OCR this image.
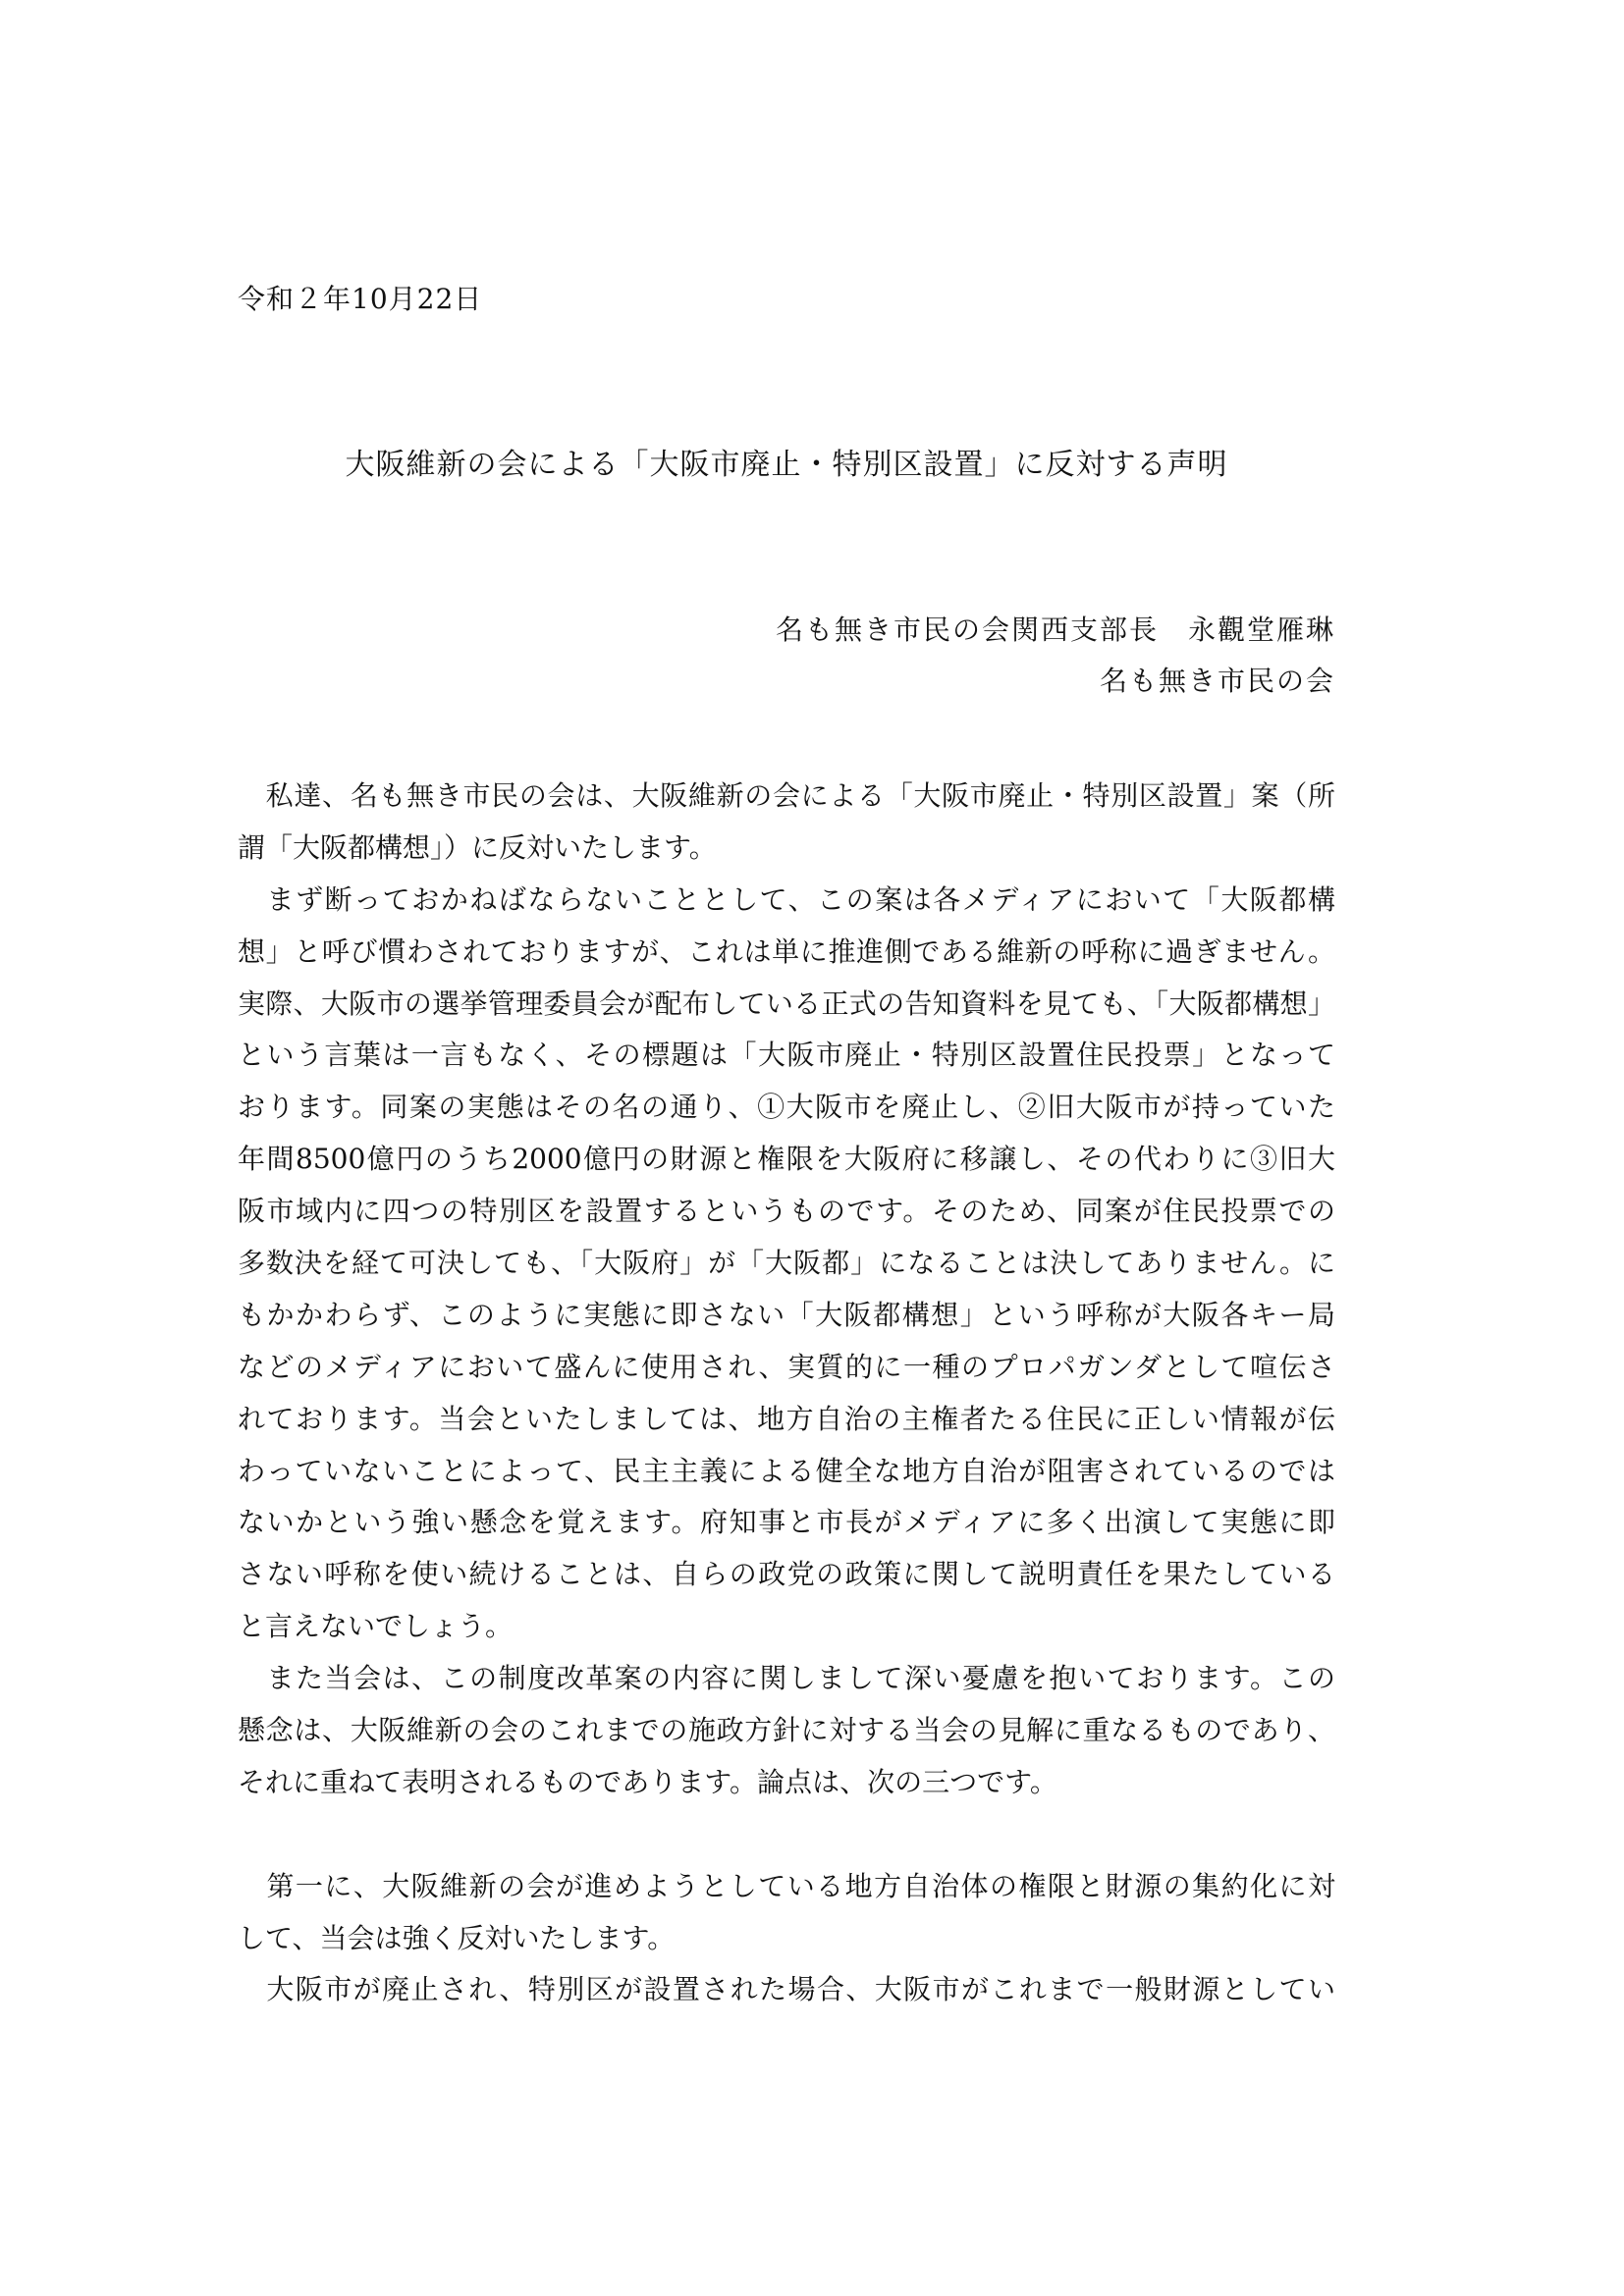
令和２年10月22日
大阪維新の会による「大阪市廃止・特別区設置」に反対する声明
名も無き市民の会関西支部長　永觀堂雁琳
名も無き市民の会
　私達、名も無き市民の会は、大阪維新の会による「大阪市廃止・特別区設置」案（所
謂「大阪都構想」）に反対いたします。
　まず断っておかねばならないこととして、この案は各メディアにおいて「大阪都構
想」と呼び慣わされておりますが、これは単に推進側である維新の呼称に過ぎません。
実際、大阪市の選挙管理委員会が配布している正式の告知資料を見ても、「大阪都構想」
という言葉は一言もなく、その標題は「大阪市廃止・特別区設置住民投票」となって
おります。同案の実態はその名の通り、①大阪市を廃止し、②旧大阪市が持っていた
年間8500億円のうち2000億円の財源と権限を大阪府に移譲し、その代わりに③旧大
阪市域内に四つの特別区を設置するというものです。そのため、同案が住民投票での
多数決を経て可決しても、「大阪府」が「大阪都」になることは決してありません。に
もかかわらず、このように実態に即さない「大阪都構想」という呼称が大阪各キー局
などのメディアにおいて盛んに使用され、実質的に一種のプロパガンダとして喧伝さ
れております。当会といたしましては、地方自治の主権者たる住民に正しい情報が伝
わっていないことによって、民主主義による健全な地方自治が阻害されているのでは
ないかという強い懸念を覚えます。府知事と市長がメディアに多く出演して実態に即
さない呼称を使い続けることは、自らの政党の政策に関して説明責任を果たしている
と言えないでしょう。
　また当会は、この制度改革案の内容に関しまして深い憂慮を抱いております。この
懸念は、大阪維新の会のこれまでの施政方針に対する当会の見解に重なるものであり、
それに重ねて表明されるものであります。論点は、次の三つです。
　第一に、大阪維新の会が進めようとしている地方自治体の権限と財源の集約化に対
して、当会は強く反対いたします。
　大阪市が廃止され、特別区が設置された場合、大阪市がこれまで一般財源としてい
